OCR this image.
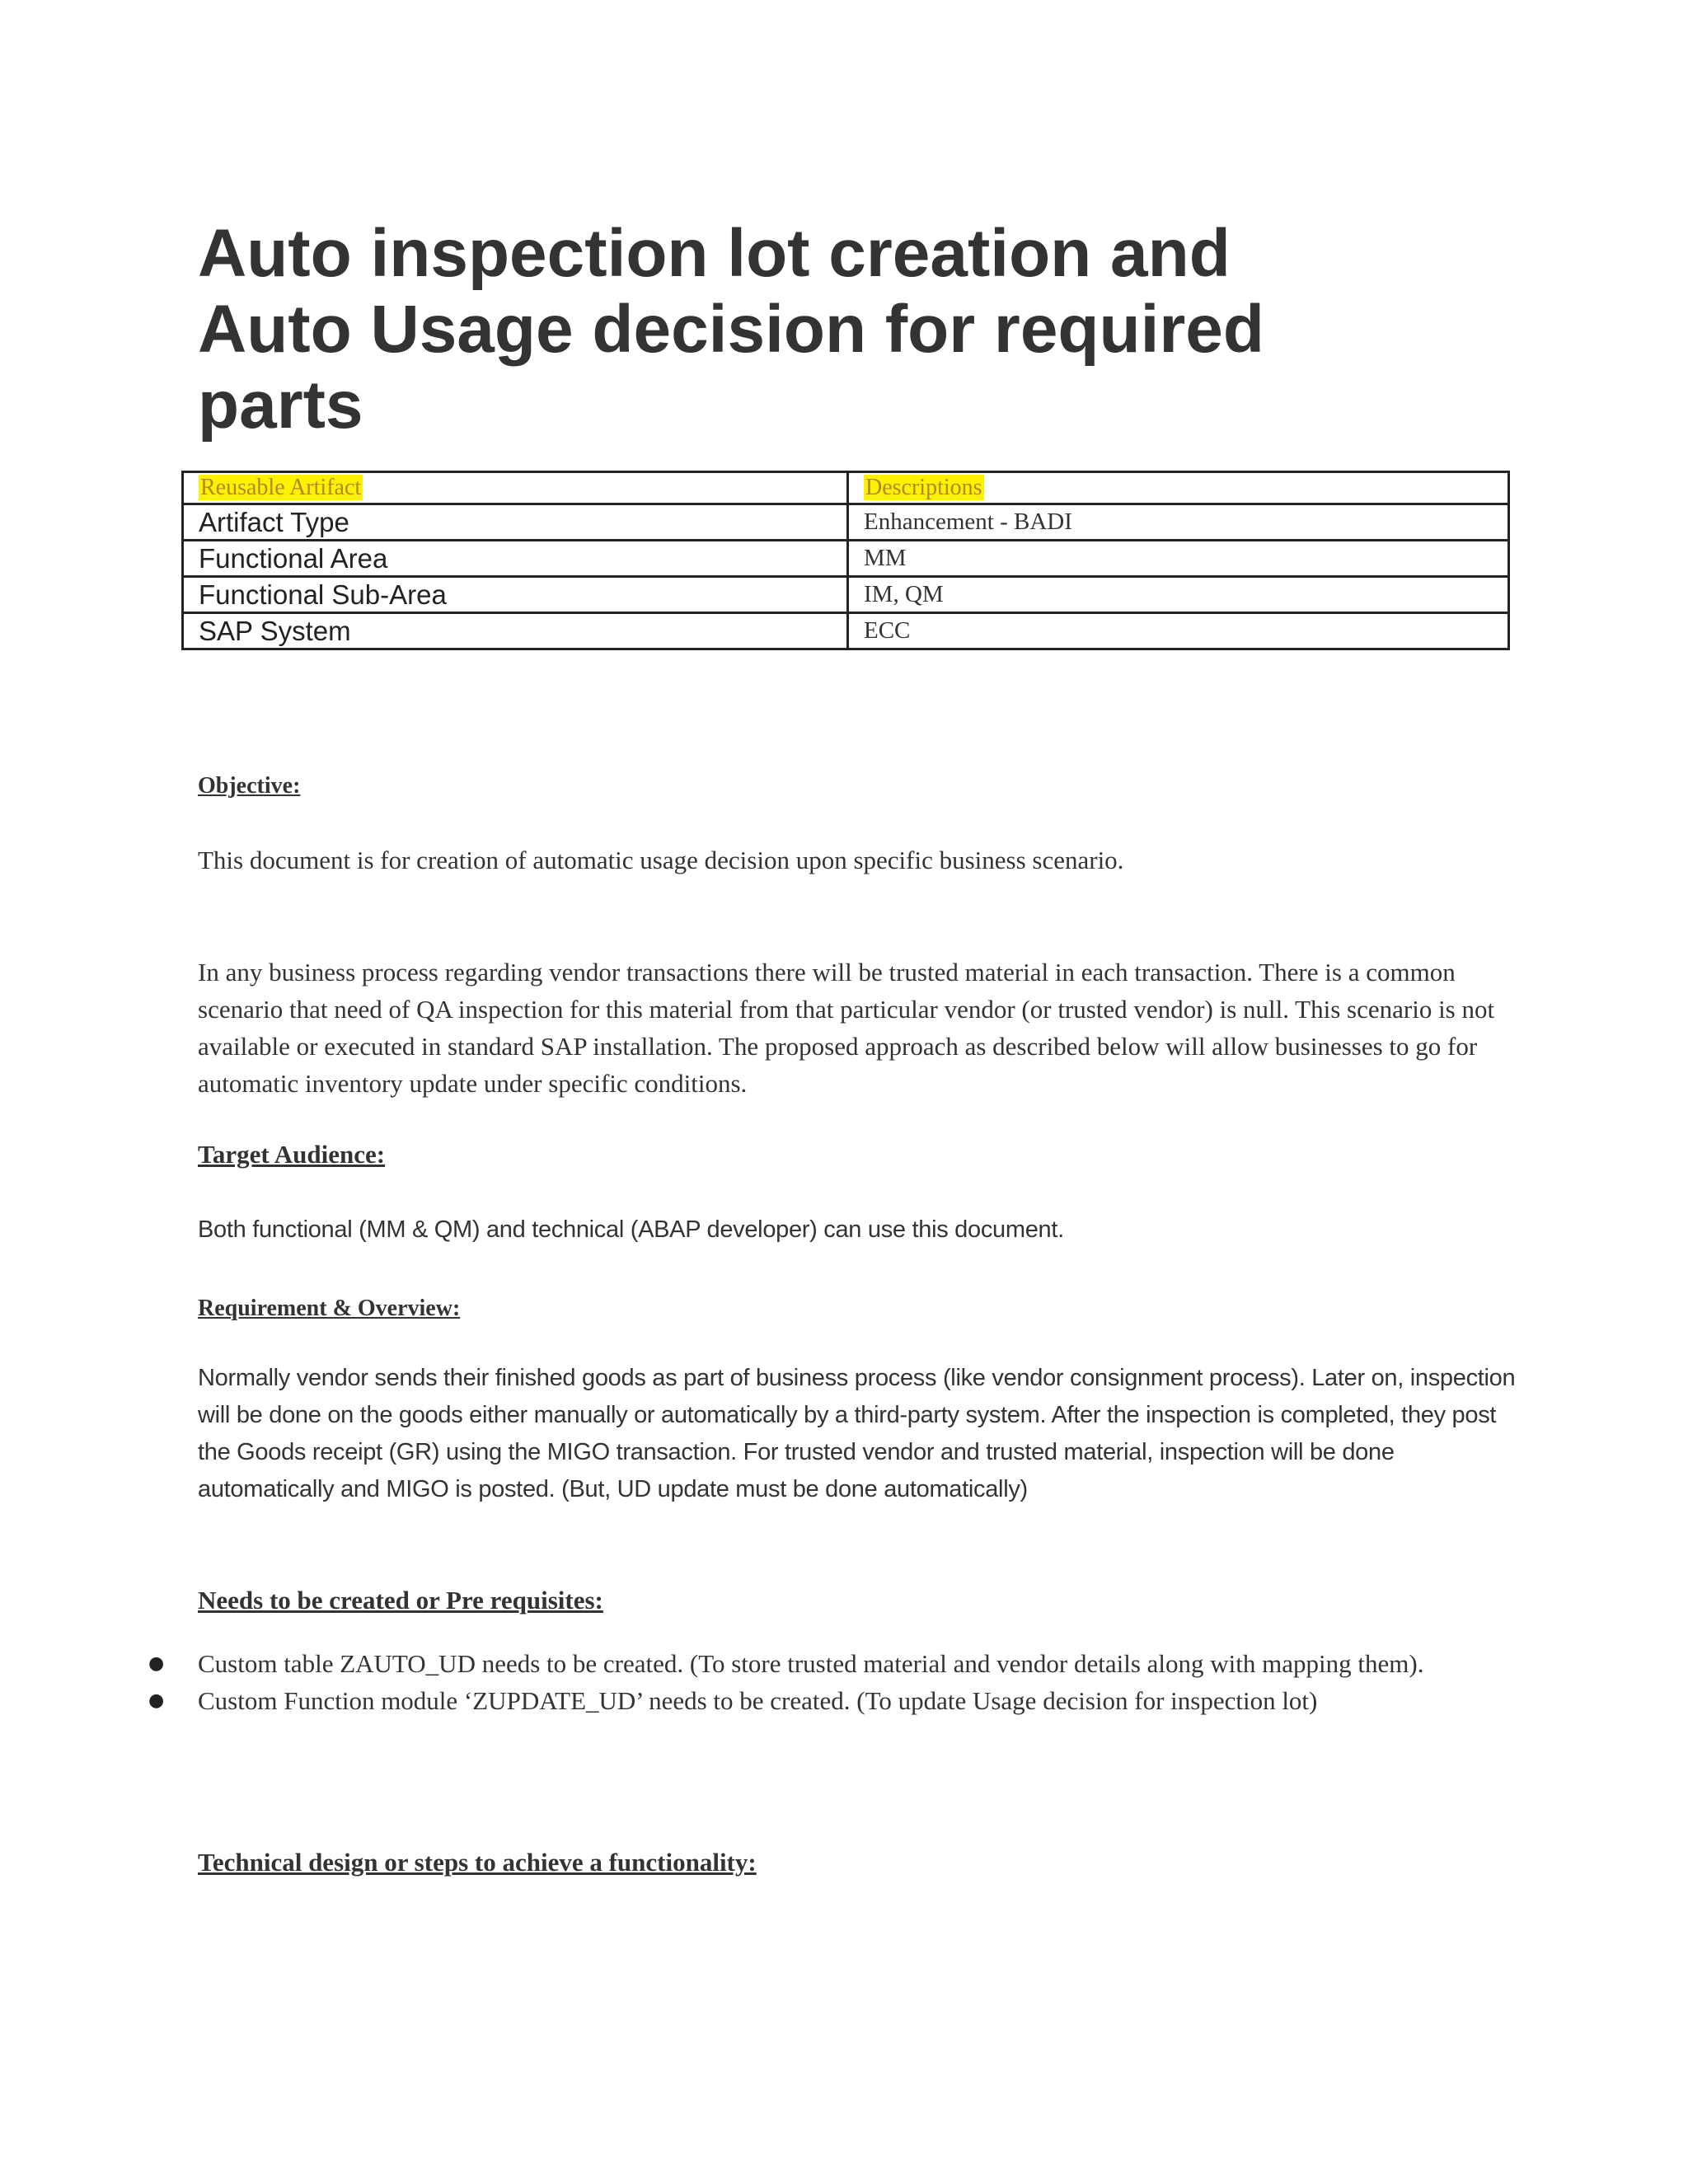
Auto inspection lot creation and
Auto Usage decision for required
parts
Reusable Artifact	Descriptions
Artifact Type	Enhancement - BADI
Functional Area	MM
Functional Sub-Area	IM, QM
SAP System	ECC

Objective:

This document is for creation of automatic usage decision upon specific business scenario.

In any business process regarding vendor transactions there will be trusted material in each transaction. There is a common scenario that need of QA inspection for this material from that particular vendor (or trusted vendor) is null. This scenario is not available or executed in standard SAP installation. The proposed approach as described below will allow businesses to go for automatic inventory update under specific conditions.

Target Audience:

Both functional (MM & QM) and technical (ABAP developer) can use this document.

Requirement & Overview:

Normally vendor sends their finished goods as part of business process (like vendor consignment process). Later on, inspection will be done on the goods either manually or automatically by a third-party system. After the inspection is completed, they post the Goods receipt (GR) using the MIGO transaction. For trusted vendor and trusted material, inspection will be done automatically and MIGO is posted. (But, UD update must be done automatically)

Needs to be created or Pre requisites:

● Custom table ZAUTO_UD needs to be created. (To store trusted material and vendor details along with mapping them).
● Custom Function module ‘ZUPDATE_UD’ needs to be created. (To update Usage decision for inspection lot)

Technical design or steps to achieve a functionality:
